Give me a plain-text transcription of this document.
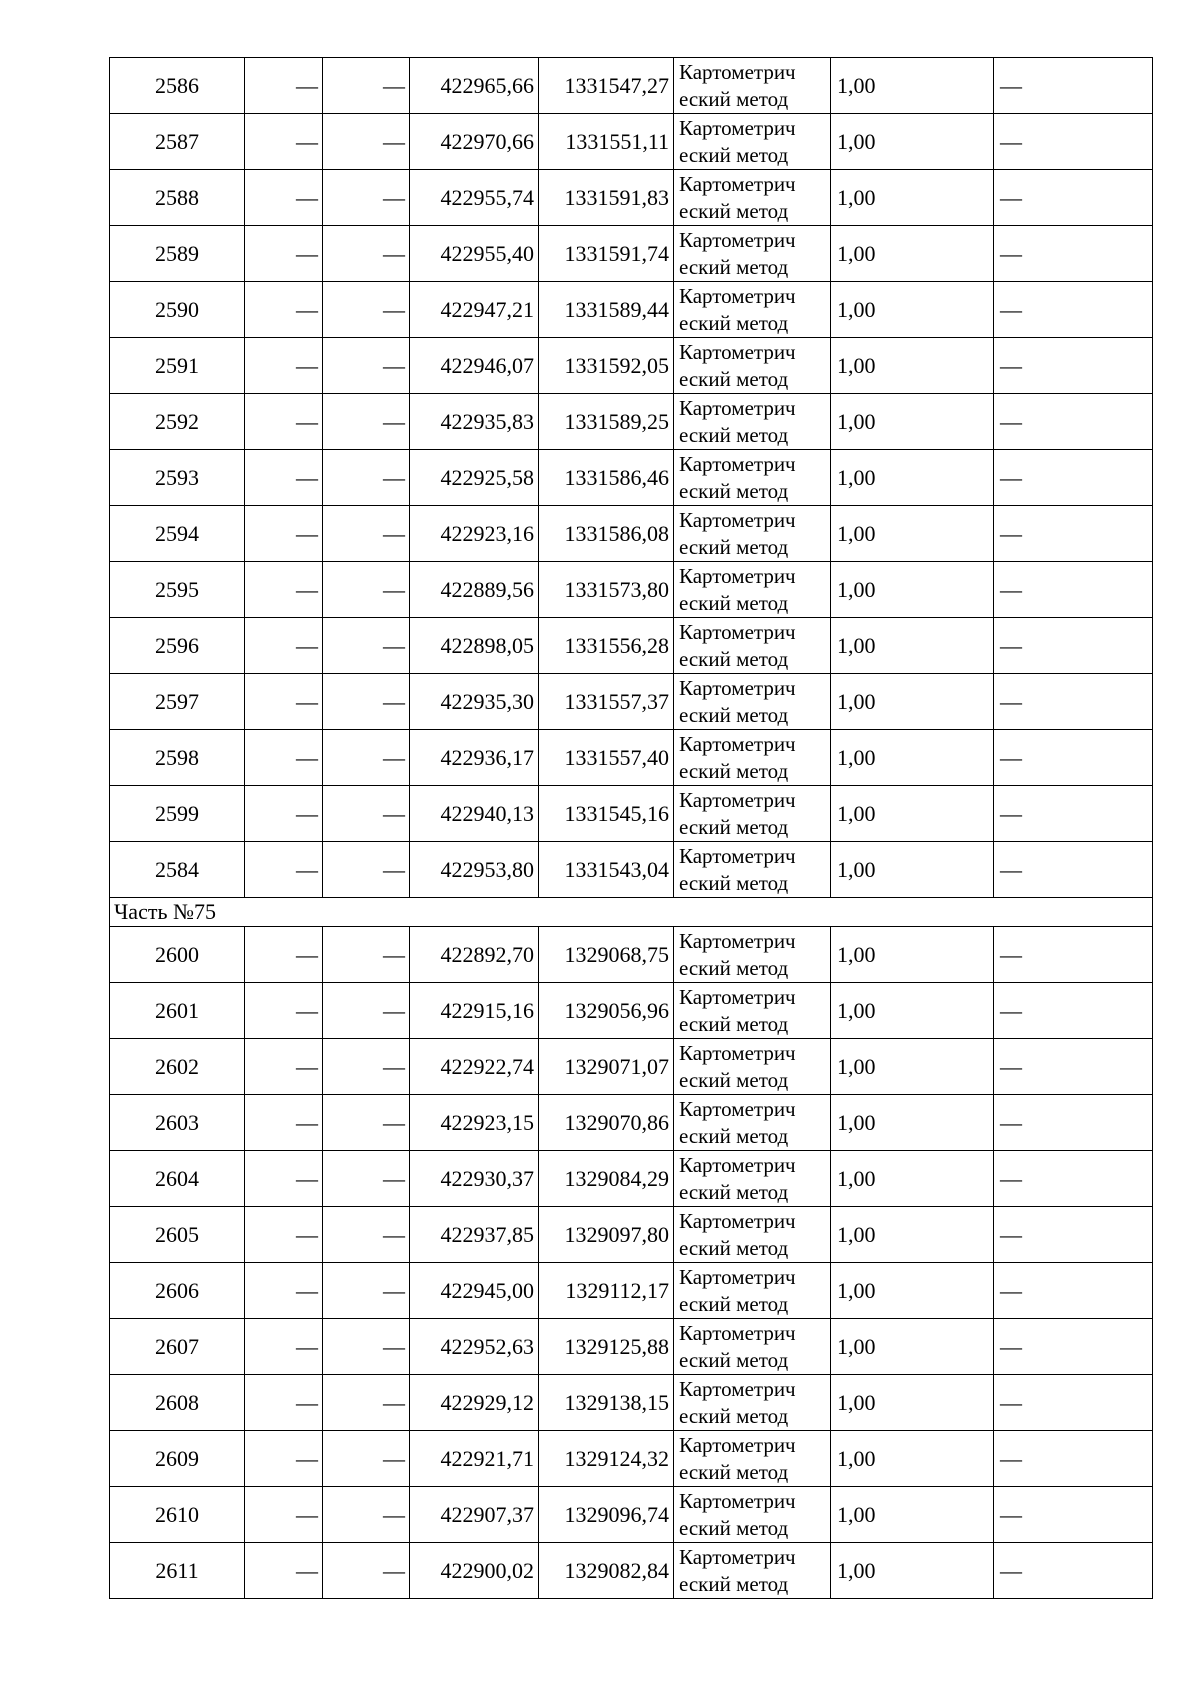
2586	—	—	422965,66	1331547,27	Картометрич
еский метод	1,00	—
2587	—	—	422970,66	1331551,11	Картометрич
еский метод	1,00	—
2588	—	—	422955,74	1331591,83	Картометрич
еский метод	1,00	—
2589	—	—	422955,40	1331591,74	Картометрич
еский метод	1,00	—
2590	—	—	422947,21	1331589,44	Картометрич
еский метод	1,00	—
2591	—	—	422946,07	1331592,05	Картометрич
еский метод	1,00	—
2592	—	—	422935,83	1331589,25	Картометрич
еский метод	1,00	—
2593	—	—	422925,58	1331586,46	Картометрич
еский метод	1,00	—
2594	—	—	422923,16	1331586,08	Картометрич
еский метод	1,00	—
2595	—	—	422889,56	1331573,80	Картометрич
еский метод	1,00	—
2596	—	—	422898,05	1331556,28	Картометрич
еский метод	1,00	—
2597	—	—	422935,30	1331557,37	Картометрич
еский метод	1,00	—
2598	—	—	422936,17	1331557,40	Картометрич
еский метод	1,00	—
2599	—	—	422940,13	1331545,16	Картометрич
еский метод	1,00	—
2584	—	—	422953,80	1331543,04	Картометрич
еский метод	1,00	—
Часть №75							
2600	—	—	422892,70	1329068,75	Картометрич
еский метод	1,00	—
2601	—	—	422915,16	1329056,96	Картометрич
еский метод	1,00	—
2602	—	—	422922,74	1329071,07	Картометрич
еский метод	1,00	—
2603	—	—	422923,15	1329070,86	Картометрич
еский метод	1,00	—
2604	—	—	422930,37	1329084,29	Картометрич
еский метод	1,00	—
2605	—	—	422937,85	1329097,80	Картометрич
еский метод	1,00	—
2606	—	—	422945,00	1329112,17	Картометрич
еский метод	1,00	—
2607	—	—	422952,63	1329125,88	Картометрич
еский метод	1,00	—
2608	—	—	422929,12	1329138,15	Картометрич
еский метод	1,00	—
2609	—	—	422921,71	1329124,32	Картометрич
еский метод	1,00	—
2610	—	—	422907,37	1329096,74	Картометрич
еский метод	1,00	—
2611	—	—	422900,02	1329082,84	Картометрич
еский метод	1,00	—
